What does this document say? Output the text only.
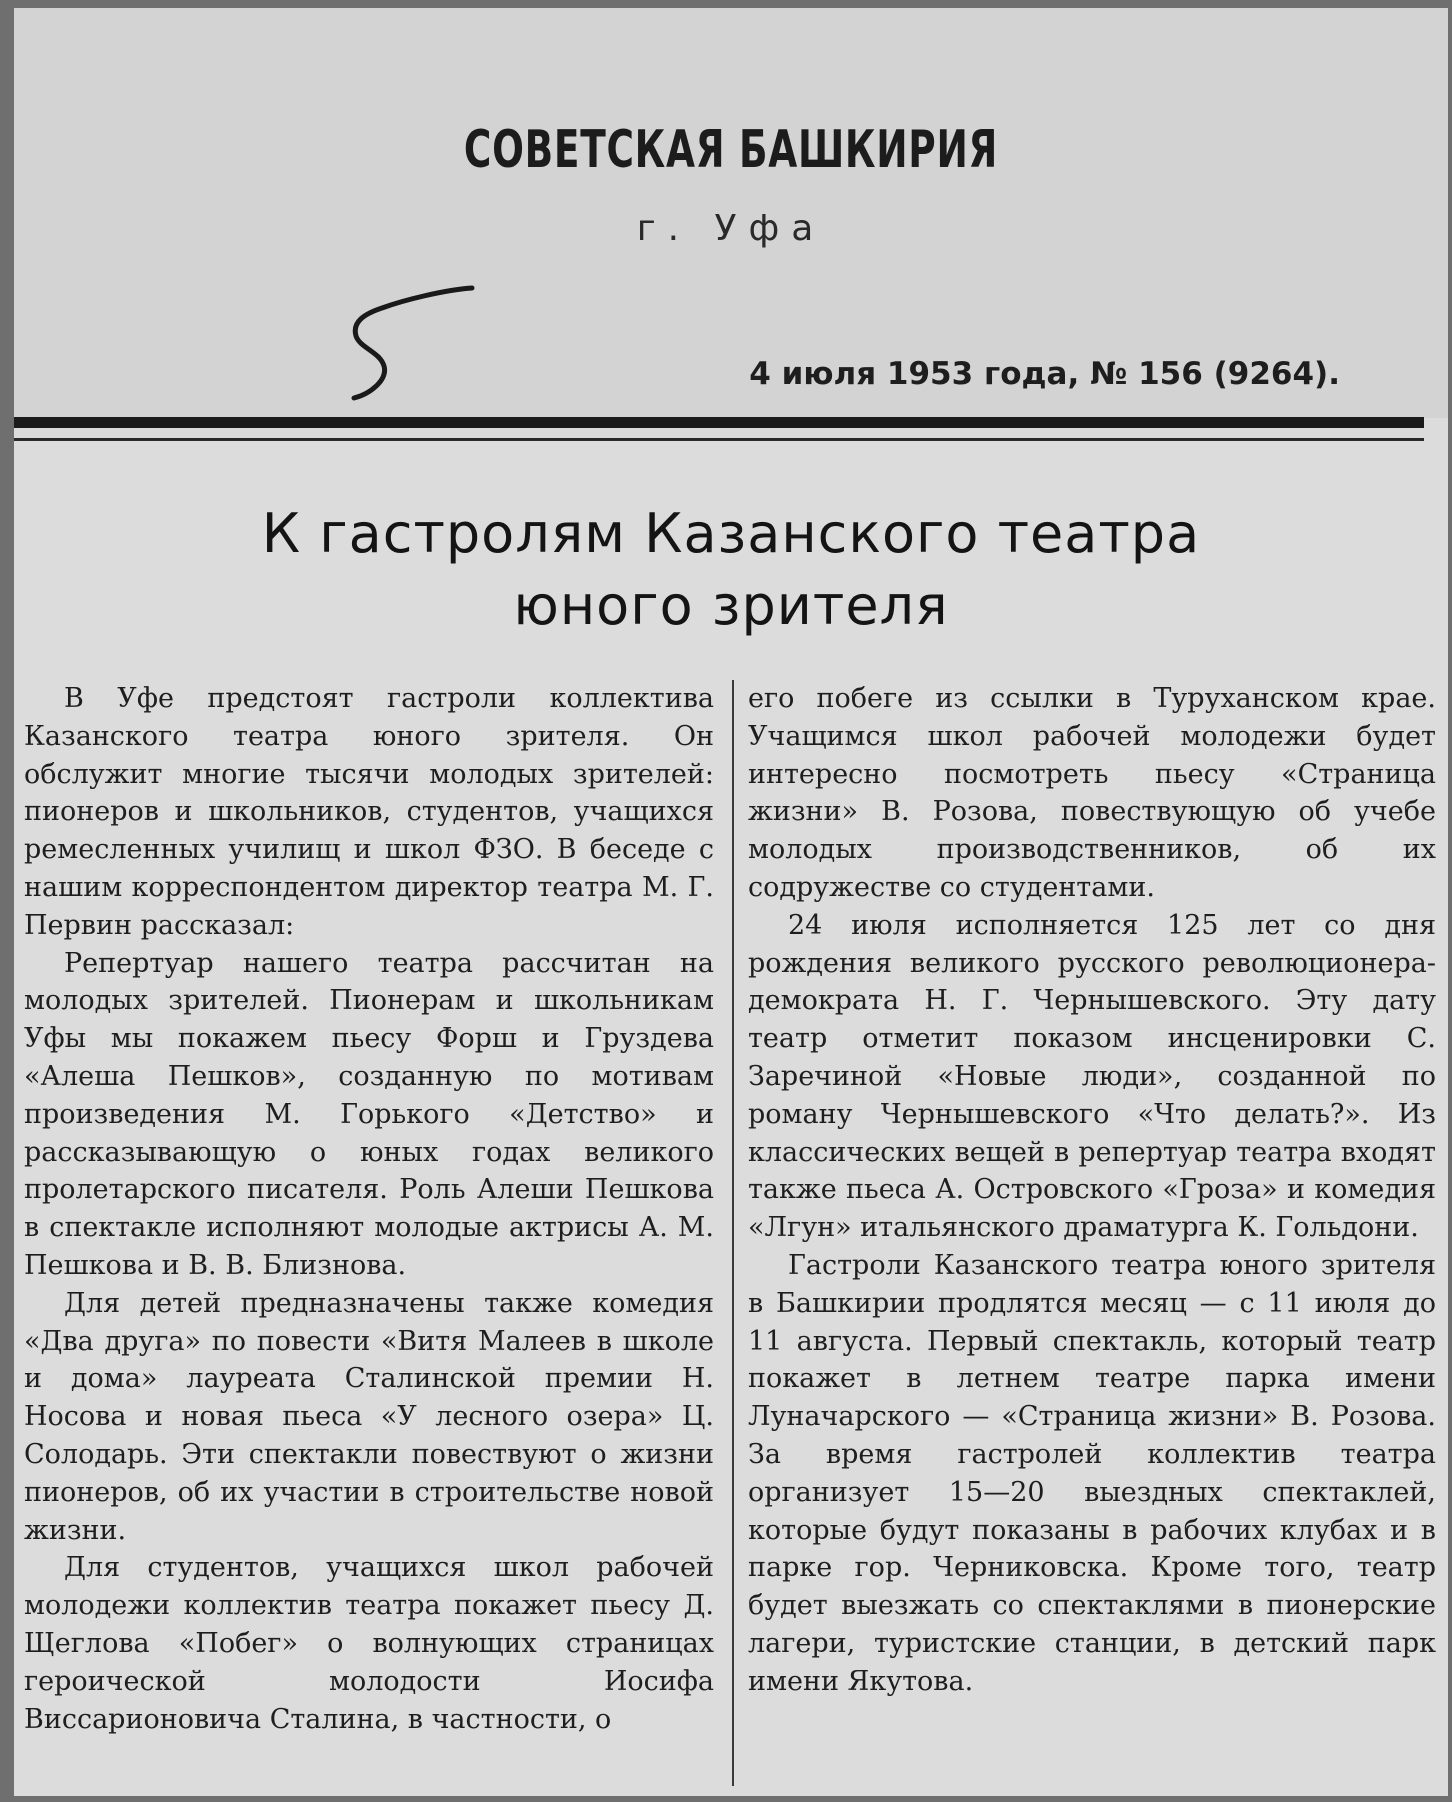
СОВЕТСКАЯ БАШКИРИЯ
г. Уфа
4 июля 1953 года, № 156 (9264).
К гастролям Казанского театра
юного зрителя

В Уфе предстоят гастроли коллектива Казанского театра юного зрителя. Он обслужит многие тысячи молодых зрителей: пионеров и школьников, студентов, учащихся ремесленных училищ и школ ФЗО. В беседе с нашим корреспондентом директор театра М. Г. Первин рассказал:

Репертуар нашего театра рассчитан на молодых зрителей. Пионерам и школьникам Уфы мы покажем пьесу Форш и Груздева «Алеша Пешков», созданную по мотивам произведения М. Горького «Детство» и рассказывающую о юных годах великого пролетарского писателя. Роль Алеши Пешкова в спектакле исполняют молодые актрисы А. М. Пешкова и В. В. Близнова.

Для детей предназначены также комедия «Два друга» по повести «Витя Малеев в школе и дома» лауреата Сталинской премии Н. Носова и новая пьеса «У лесного озера» Ц. Солодарь. Эти спектакли повествуют о жизни пионеров, об их участии в строительстве новой жизни.

Для студентов, учащихся школ рабочей молодежи коллектив театра покажет пьесу Д. Щеглова «Побег» о волнующих страницах героической молодости Иосифа Виссарионовича Сталина, в частности, о

его побеге из ссылки в Туруханском крае. Учащимся школ рабочей молодежи будет интересно посмотреть пьесу «Страница жизни» В. Розова, повествующую об учебе молодых производственников, об их содружестве со студентами.

24 июля исполняется 125 лет со дня рождения великого русского революционера-демократа Н. Г. Чернышевского. Эту дату театр отметит показом инсценировки С. Заречиной «Новые люди», созданной по роману Чернышевского «Что делать?». Из классических вещей в репертуар театра входят также пьеса А. Островского «Гроза» и комедия «Лгун» итальянского драматурга К. Гольдони.

Гастроли Казанского театра юного зрителя в Башкирии продлятся месяц — с 11 июля до 11 августа. Первый спектакль, который театр покажет в летнем театре парка имени Луначарского — «Страница жизни» В. Розова. За время гастролей коллектив театра организует 15—20 выездных спектаклей, которые будут показаны в рабочих клубах и в парке гор. Черниковска. Кроме того, театр будет выезжать со спектаклями в пионерские лагери, туристские станции, в детский парк имени Якутова.
